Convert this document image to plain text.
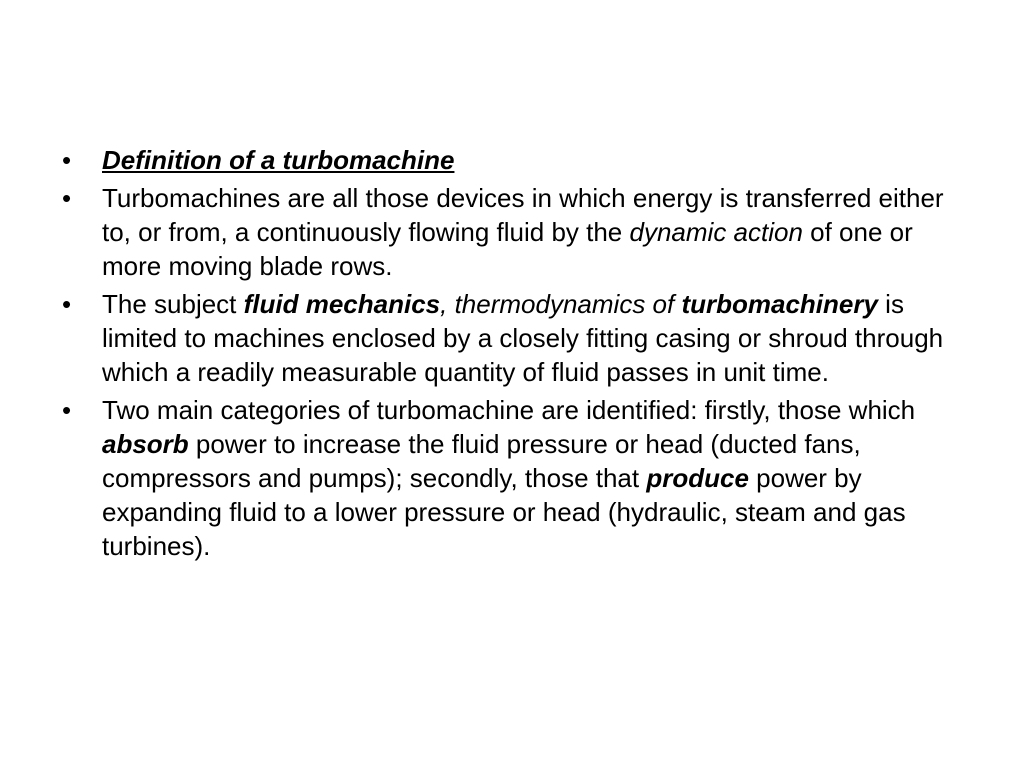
• Definition of a turbomachine
• Turbomachines are all those devices in which energy is transferred either to, or from, a continuously flowing fluid by the dynamic action of one or more moving blade rows.
• The subject fluid mechanics, thermodynamics of turbomachinery is limited to machines enclosed by a closely fitting casing or shroud through which a readily measurable quantity of fluid passes in unit time.
• Two main categories of turbomachine are identified: firstly, those which absorb power to increase the fluid pressure or head (ducted fans, compressors and pumps); secondly, those that produce power by expanding fluid to a lower pressure or head (hydraulic, steam and gas turbines).
